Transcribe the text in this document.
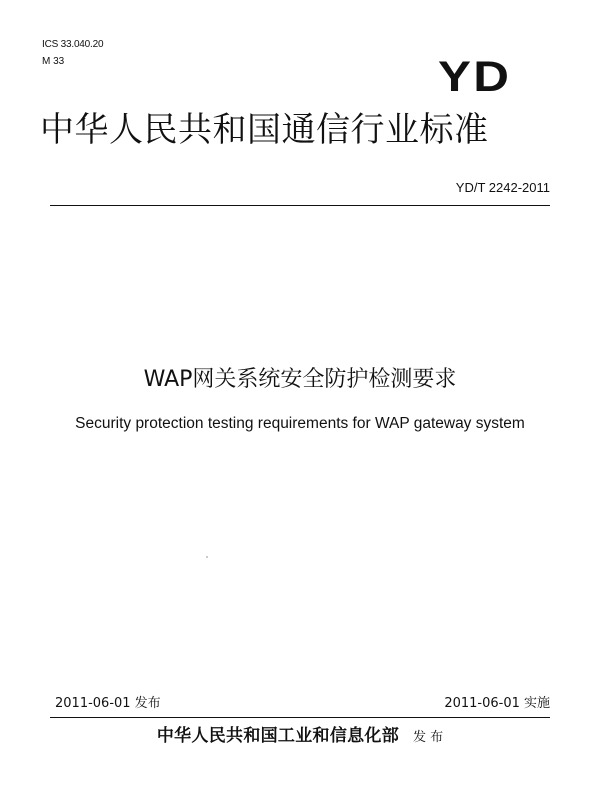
ICS 33.040.20
M 33	YD
中华人民共和国通信行业标准
YD/T 2242-2011
WAP网关系统安全防护检测要求
Security protection testing requirements for WAP gateway system
2011-06-01 发布	2011-06-01 实施
中华人民共和国工业和信息化部 发 布
